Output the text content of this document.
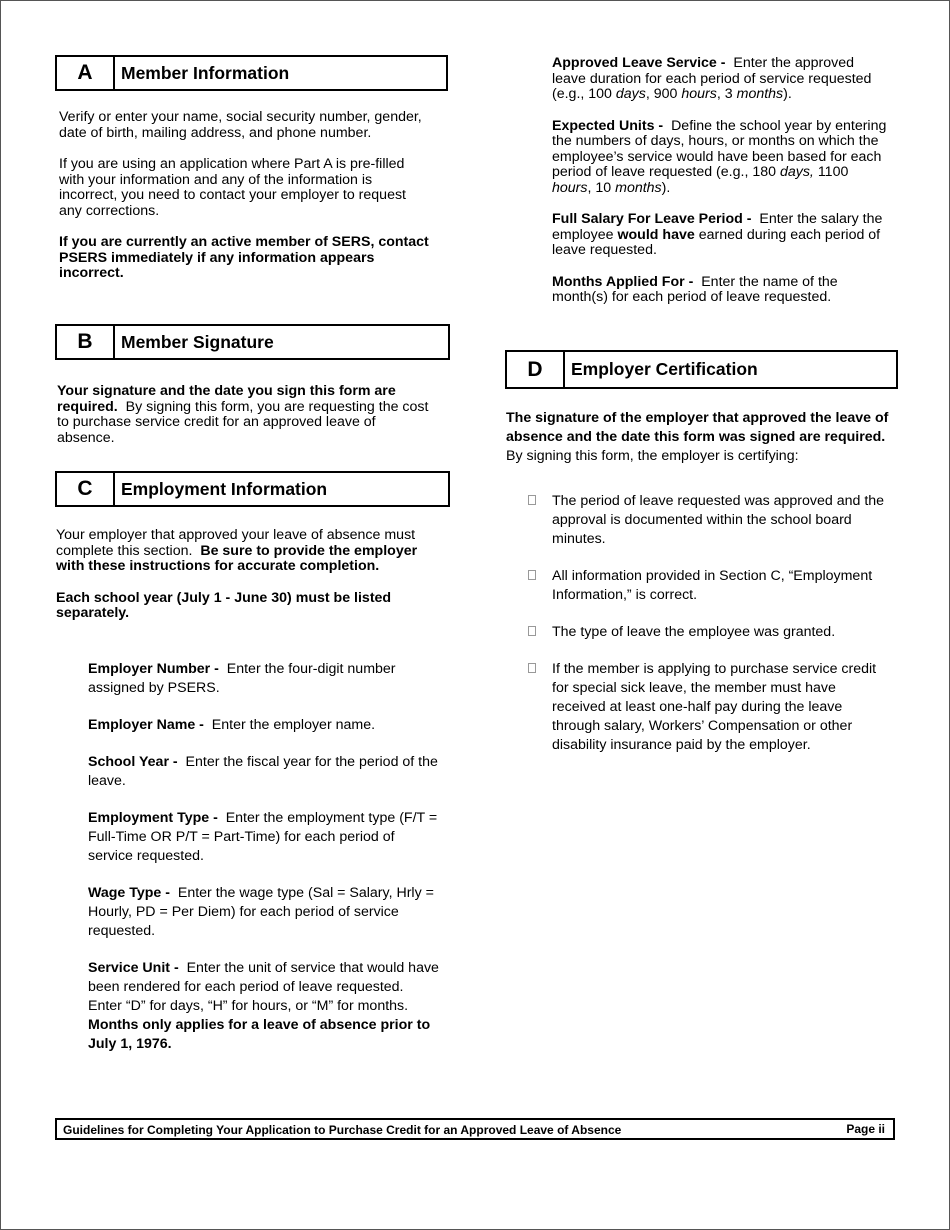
A	Member Information

Verify or enter your name, social security number, gender, date of birth, mailing address, and phone number.

If you are using an application where Part A is pre-filled with your information and any of the information is incorrect, you need to contact your employer to request any corrections.

If you are currently an active member of SERS, contact PSERS immediately if any information appears incorrect.

B	Member Signature

Your signature and the date you sign this form are required. By signing this form, you are requesting the cost to purchase service credit for an approved leave of absence.

C	Employment Information

Your employer that approved your leave of absence must complete this section. Be sure to provide the employer with these instructions for accurate completion.

Each school year (July 1 - June 30) must be listed separately.

Employer Number - Enter the four-digit number assigned by PSERS.

Employer Name - Enter the employer name.

School Year - Enter the fiscal year for the period of the leave.

Employment Type - Enter the employment type (F/T = Full-Time OR P/T = Part-Time) for each period of service requested.

Wage Type - Enter the wage type (Sal = Salary, Hrly = Hourly, PD = Per Diem) for each period of service requested.

Service Unit - Enter the unit of service that would have been rendered for each period of leave requested. Enter “D” for days, “H” for hours, or “M” for months.  Months only applies for a leave of absence prior to July 1, 1976.

Approved Leave Service - Enter the approved leave duration for each period of service requested (e.g., 100 days, 900 hours, 3 months).

Expected Units - Define the school year by entering the numbers of days, hours, or months on which the employee’s service would have been based for each period of leave requested (e.g., 180 days, 1100 hours, 10 months).

Full Salary For Leave Period - Enter the salary the employee would have earned during each period of leave requested.

Months Applied For - Enter the name of the month(s) for each period of leave requested.

D	Employer Certification

The signature of the employer that approved the leave of absence and the date this form was signed are required.  By signing this form, the employer is certifying:

The period of leave requested was approved and the approval is documented within the school board minutes.
All information provided in Section C, “Employment Information,” is correct.
The type of leave the employee was granted.
If the member is applying to purchase service credit for special sick leave, the member must have received at least one-half pay during the leave through salary, Workers’ Compensation or other disability insurance paid by the employer.
Guidelines for Completing Your Application to Purchase Credit for an Approved Leave of Absence	Page ii
